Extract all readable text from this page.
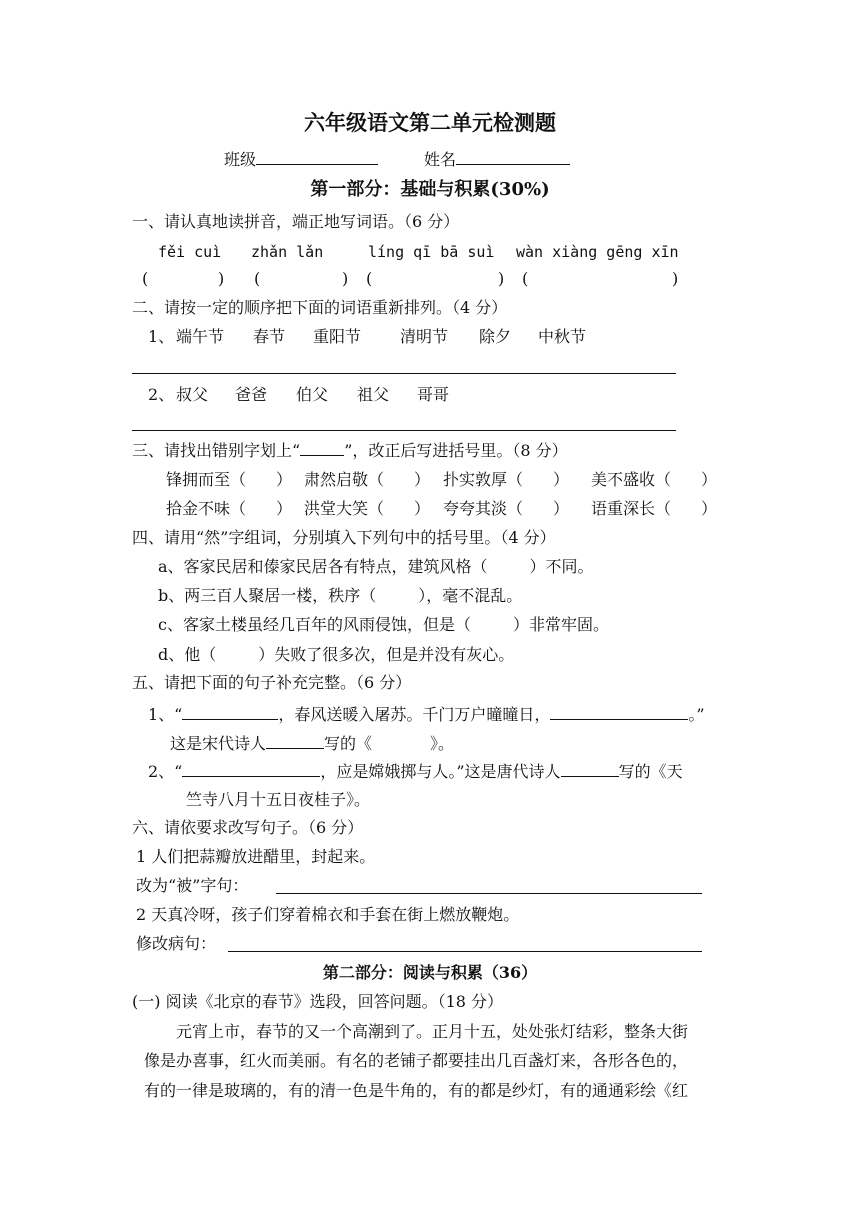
六年级语文第二单元检测题
班级	姓名
第一部分：基础与积累(30%)
一、请认真地读拼音，端正地写词语。（6 分）
fěi cuì zhǎn lǎn	líng qī bā suì wàn xiàng gēng xīn
(	) (	) (	) (	)
二、请按一定的顺序把下面的词语重新排列。（4 分）
1、 端午节 春节 重阳节 清明节 除夕 中秋节
2、 叔父 爸爸 伯父 祖父 哥哥
三、请找出错别字划上“	”，改正后写进括号里。（8 分）
锋拥而至（ ） 肃然启敬（ ） 扑实敦厚（ ） 美不盛收（ ）
拾金不味（ ） 洪堂大笑（ ） 夸夸其淡（ ） 语重深长（ ）
四、请用“然”字组词，分别填入下列句中的括号里。（4 分）
a、客家民居和傣家民居各有特点，建筑风格（	）不同。
b、两三百人聚居一楼，秩序（	），毫不混乱。
c、客家土楼虽经几百年的风雨侵蚀，但是（	）非常牢固。
d、他（	）失败了很多次，但是并没有灰心。
五、请把下面的句子补充完整。（6 分）
1、“	，春风送暖入屠苏。千门万户曈曈日，	。”
这是宋代诗人	写的《	》。
2、“	，应是嫦娥掷与人。”这是唐代诗人	写的《天
竺寺八月十五日夜桂子》。
六、请依要求改写句子。（6 分）
1 人们把蒜瓣放进醋里，封起来。
改为“被”字句：
2 天真冷呀，孩子们穿着棉衣和手套在街上燃放鞭炮。
修改病句：
第二部分：阅读与积累（36）
(一) 阅读《北京的春节》选段，回答问题。（18 分）
元宵上市，春节的又一个高潮到了。正月十五，处处张灯结彩，整条大街
像是办喜事，红火而美丽。有名的老铺子都要挂出几百盏灯来，各形各色的，
有的一律是玻璃的，有的清一色是牛角的，有的都是纱灯，有的通通彩绘《红
